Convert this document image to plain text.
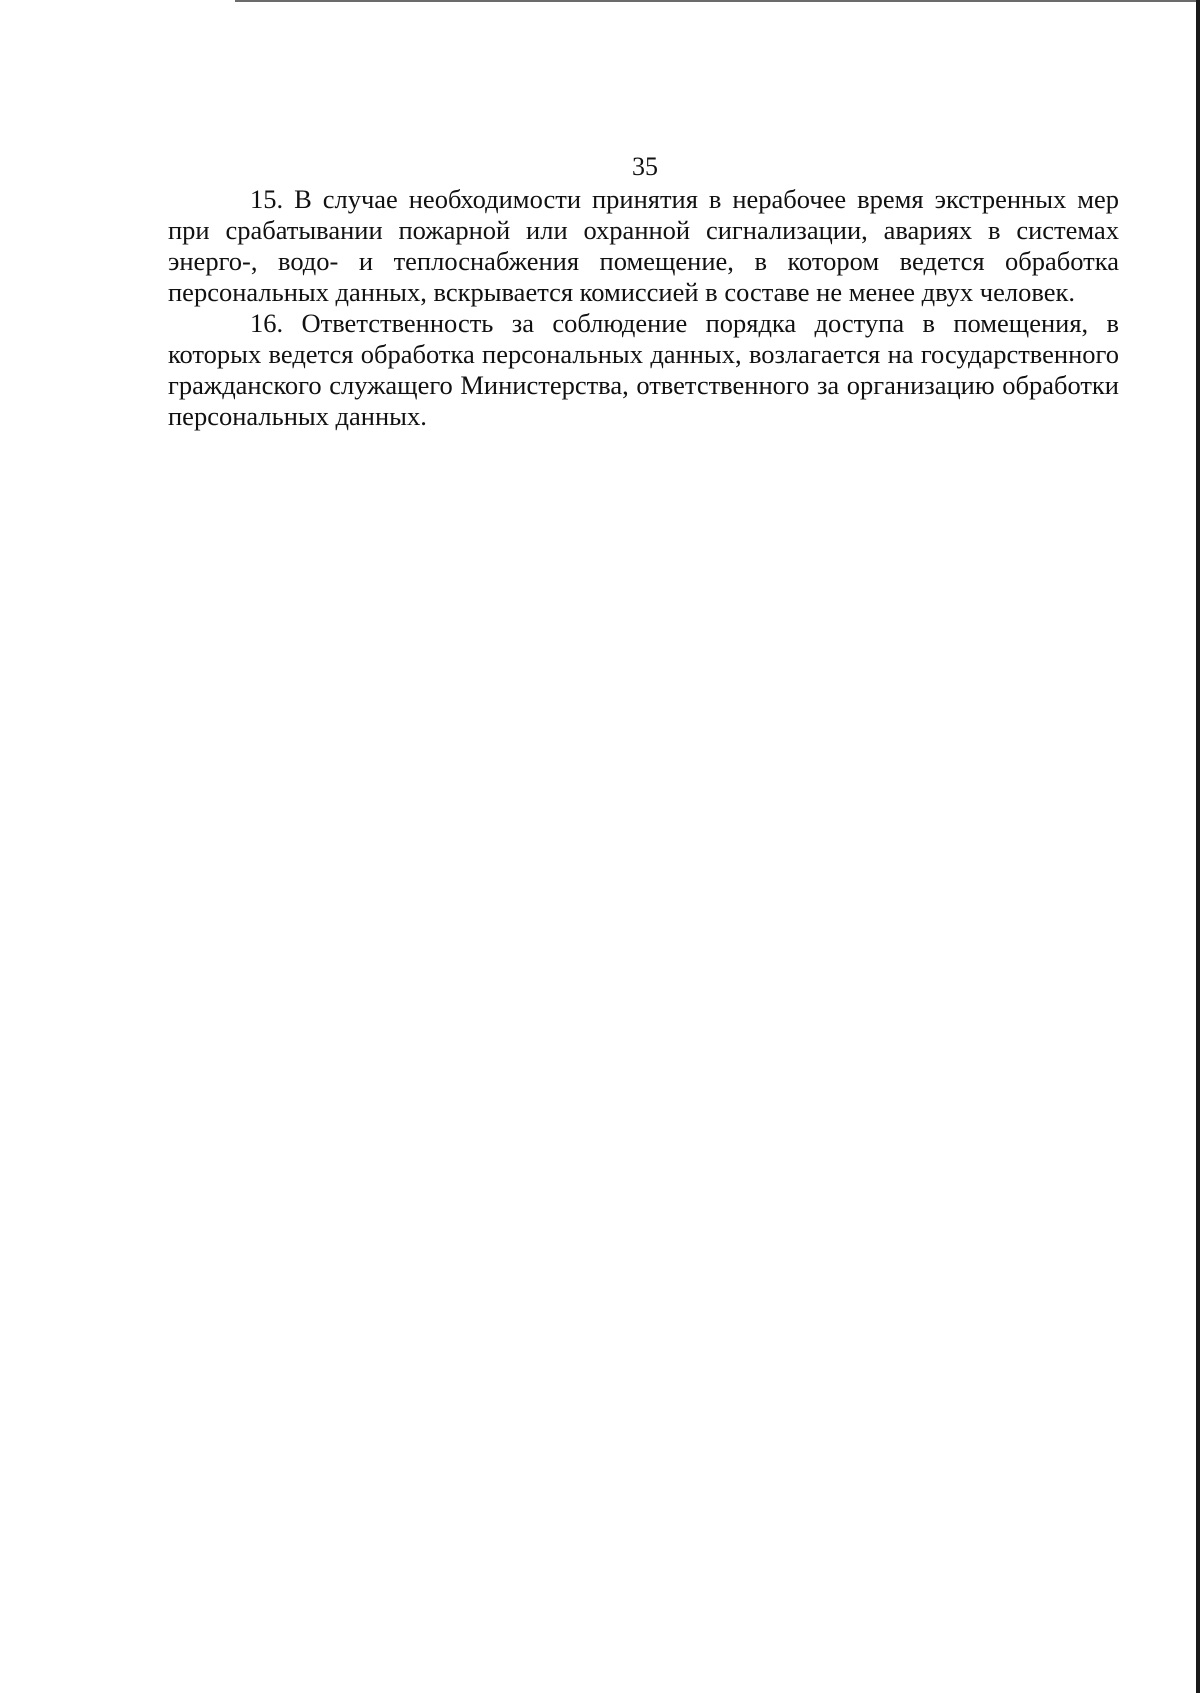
35

15. В случае необходимости принятия в нерабочее время экстренных мер при срабатывании пожарной или охранной сигнализации, авариях в системах энерго-, водо- и теплоснабжения помещение, в котором ведется обработка персональных данных, вскрывается комиссией в составе не менее двух человек.

16. Ответственность за соблюдение порядка доступа в помещения, в которых ведется обработка персональных данных, возлагается на государственного гражданского служащего Министерства, ответственного за организацию обработки персональных данных.
